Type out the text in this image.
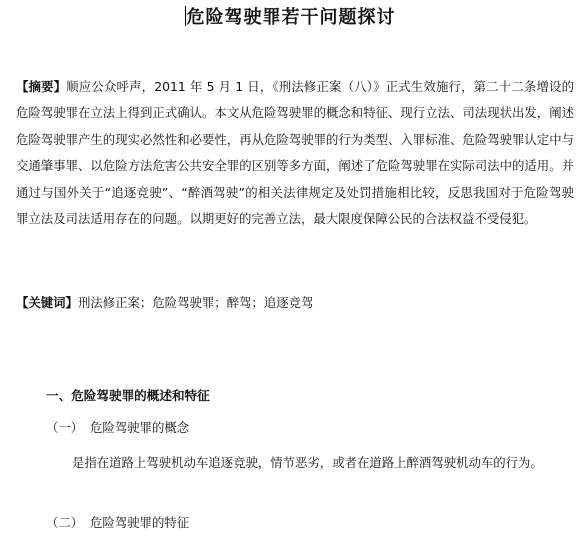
危险驾驶罪若干问题探讨
【摘要】顺应公众呼声，2011 年 5 月 1 日，《刑法修正案（八）》正式生效施行，第二十二条增设的危险驾驶罪在立法上得到正式确认。本文从危险驾驶罪的概念和特征、现行立法、司法现状出发，阐述危险驾驶罪产生的现实必然性和必要性，再从危险驾驶罪的行为类型、入罪标准、危险驾驶罪认定中与交通肇事罪、以危险方法危害公共安全罪的区别等多方面，阐述了危险驾驶罪在实际司法中的适用。并通过与国外关于“追逐竞驶”、“醉酒驾驶”的相关法律规定及处罚措施相比较，反思我国对于危险驾驶罪立法及司法适用存在的问题。以期更好的完善立法，最大限度保障公民的合法权益不受侵犯。
【关键词】刑法修正案；危险驾驶罪；醉驾；追逐竞驾
一、危险驾驶罪的概述和特征
（一） 危险驾驶罪的概念
是指在道路上驾驶机动车追逐竞驶，情节恶劣，或者在道路上醉酒驾驶机动车的行为。
（二） 危险驾驶罪的特征
